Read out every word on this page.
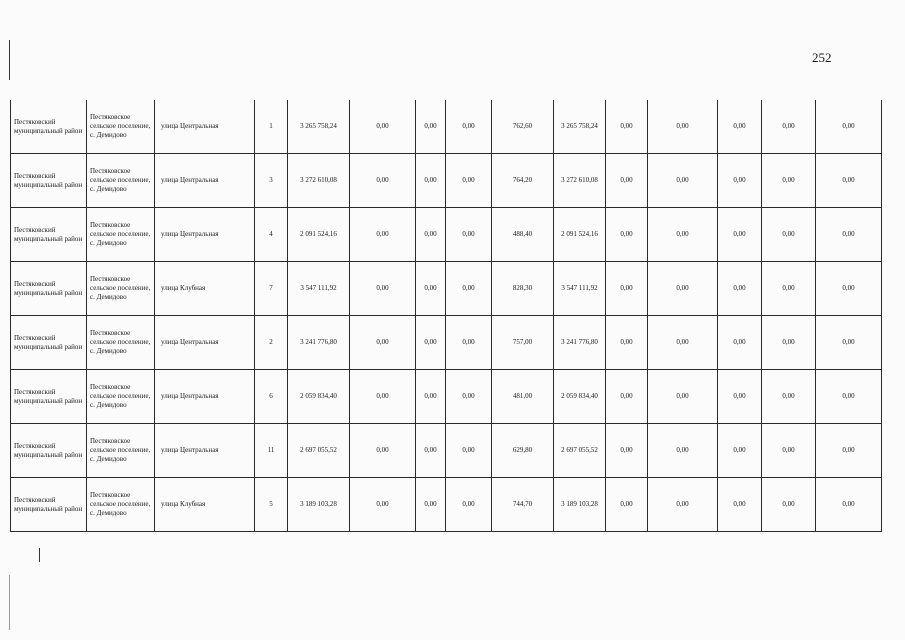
252
Пестяковский муниципальный район	Пестяковское сельское поселение, с. Демидово	улица Центральная	1	3 265 758,24	0,00	0,00	0,00	762,60	3 265 758,24	0,00	0,00	0,00	0,00	0,00
Пестяковский муниципальный район	Пестяковское сельское поселение, с. Демидово	улица Центральная	3	3 272 610,08	0,00	0,00	0,00	764,20	3 272 610,08	0,00	0,00	0,00	0,00	0,00
Пестяковский муниципальный район	Пестяковское сельское поселение, с. Демидово	улица Центральная	4	2 091 524,16	0,00	0,00	0,00	488,40	2 091 524,16	0,00	0,00	0,00	0,00	0,00
Пестяковский муниципальный район	Пестяковское сельское поселение, с. Демидово	улица Клубная	7	3 547 111,92	0,00	0,00	0,00	828,30	3 547 111,92	0,00	0,00	0,00	0,00	0,00
Пестяковский муниципальный район	Пестяковское сельское поселение, с. Демидово	улица Центральная	2	3 241 776,80	0,00	0,00	0,00	757,00	3 241 776,80	0,00	0,00	0,00	0,00	0,00
Пестяковский муниципальный район	Пестяковское сельское поселение, с. Демидово	улица Центральная	6	2 059 834,40	0,00	0,00	0,00	481,00	2 059 834,40	0,00	0,00	0,00	0,00	0,00
Пестяковский муниципальный район	Пестяковское сельское поселение, с. Демидово	улица Центральная	11	2 697 055,52	0,00	0,00	0,00	629,80	2 697 055,52	0,00	0,00	0,00	0,00	0,00
Пестяковский муниципальный район	Пестяковское сельское поселение, с. Демидово	улица Клубная	5	3 189 103,28	0,00	0,00	0,00	744,70	3 189 103,28	0,00	0,00	0,00	0,00	0,00
